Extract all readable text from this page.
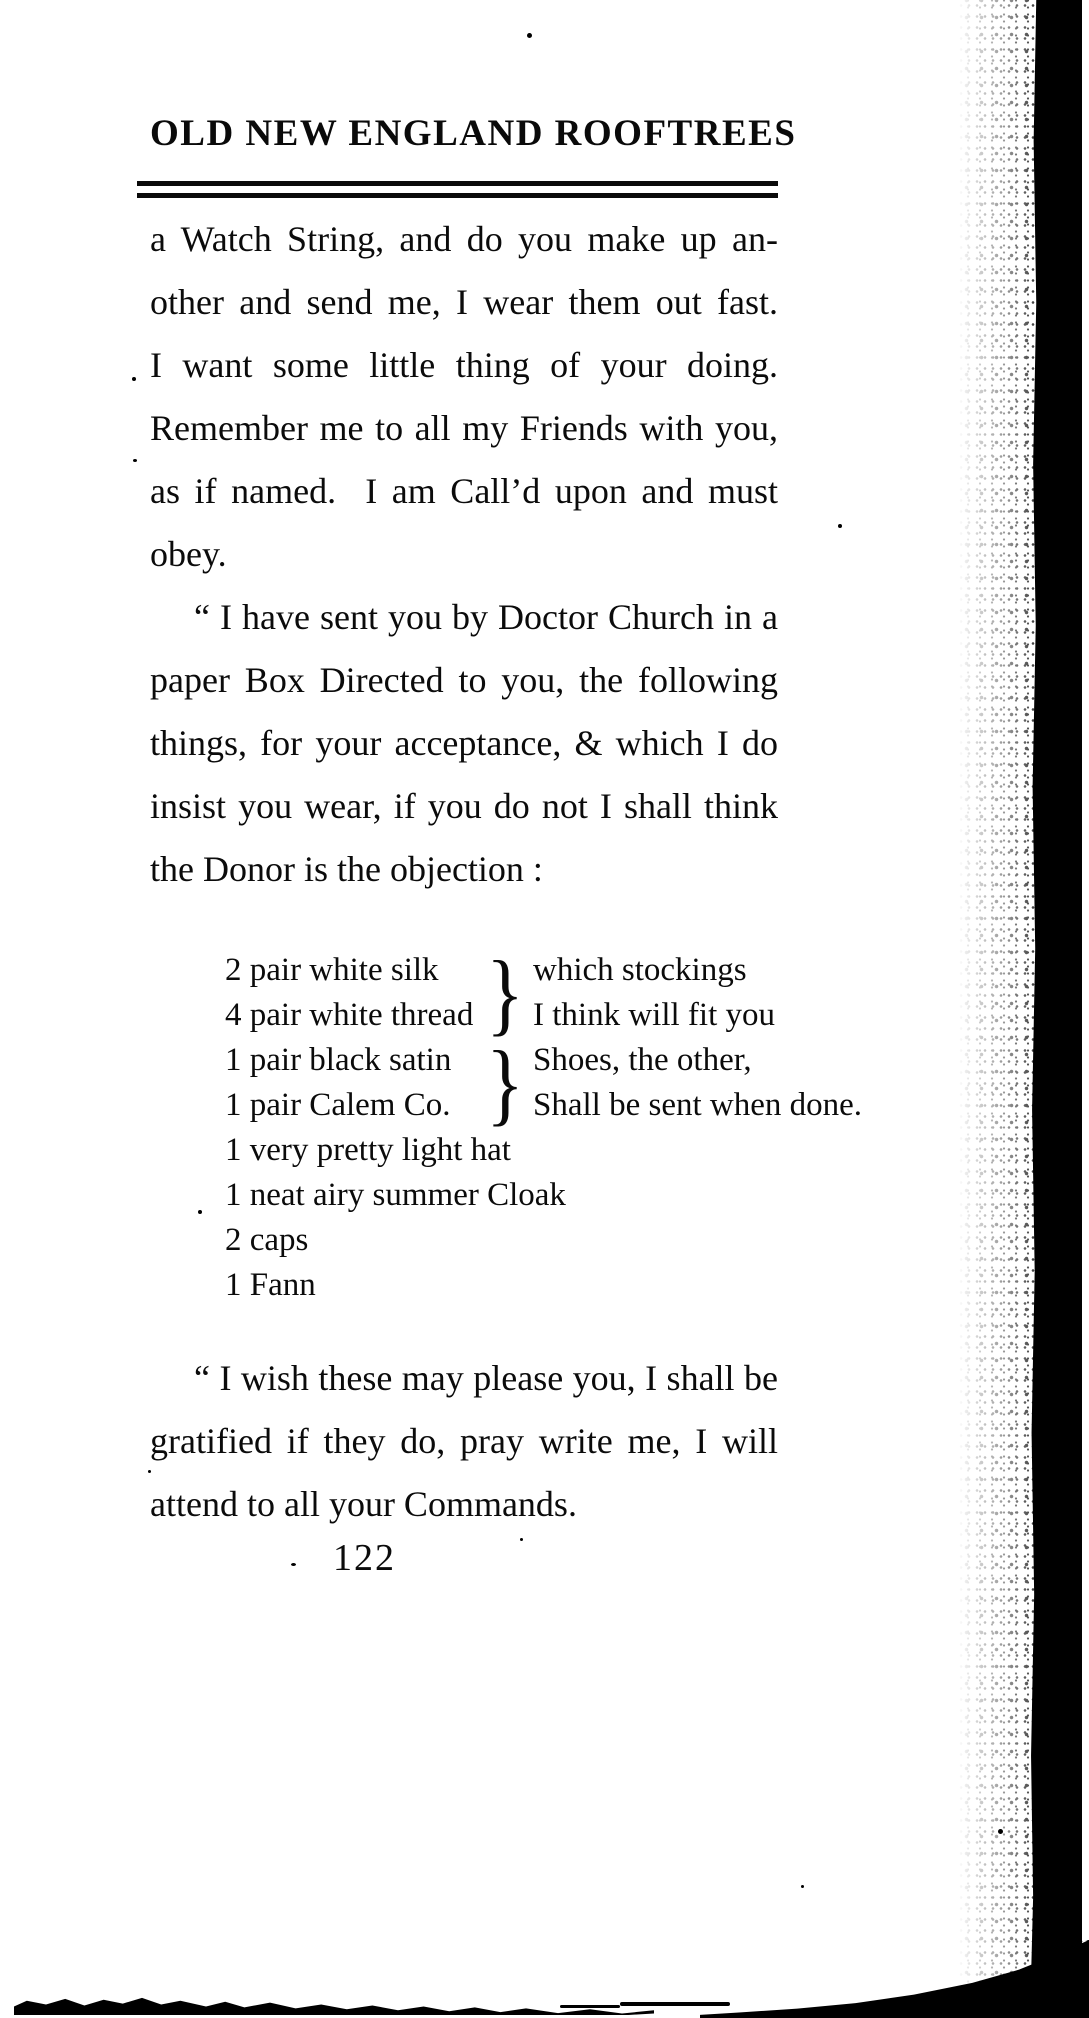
OLD NEW ENGLAND ROOFTREES
a Watch String, and do you make up an-
other and send me, I wear them out fast.
I want some little thing of your doing.
Remember me to all my Friends with you,
as if named.  I am Call’d upon and must
obey.
“ I have sent you by Doctor Church in a
paper Box Directed to you, the following
things, for your acceptance, & which I do
insist you wear, if you do not I shall think
the Donor is the objection :
2 pair white silk
4 pair white thread } which stockings
I think will fit you
1 pair black satin
1 pair Calem Co. } Shoes, the other,
Shall be sent when done.
1 very pretty light hat
1 neat airy summer Cloak
2 caps
1 Fann
“ I wish these may please you, I shall be
gratified if they do, pray write me, I will
attend to all your Commands.
122
